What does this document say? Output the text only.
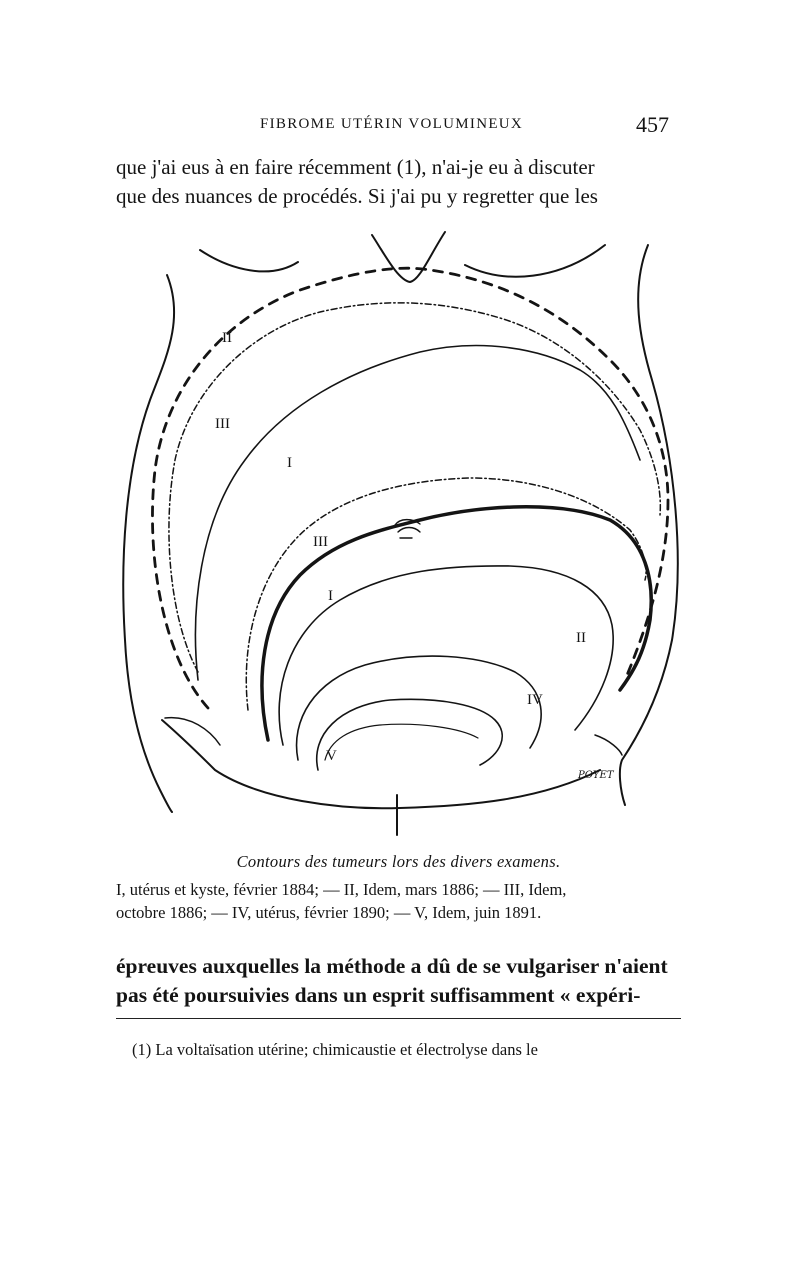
FIBROME UTÉRIN VOLUMINEUX	457
que j'ai eus à en faire récemment (1), n'ai-je eu à discuter
que des nuances de procédés. Si j'ai pu y regretter que les
II
III
I
III
I
II
IV
V
POYET
Contours des tumeurs lors des divers examens.
I, utérus et kyste, février 1884; — II, Idem, mars 1886; — III, Idem,
octobre 1886; — IV, utérus, février 1890; — V, Idem, juin 1891.
épreuves auxquelles la méthode a dû de se vulgariser n'aient
pas été poursuivies dans un esprit suffisamment « expéri-
(1) La voltaïsation utérine; chimicaustie et électrolyse dans le
